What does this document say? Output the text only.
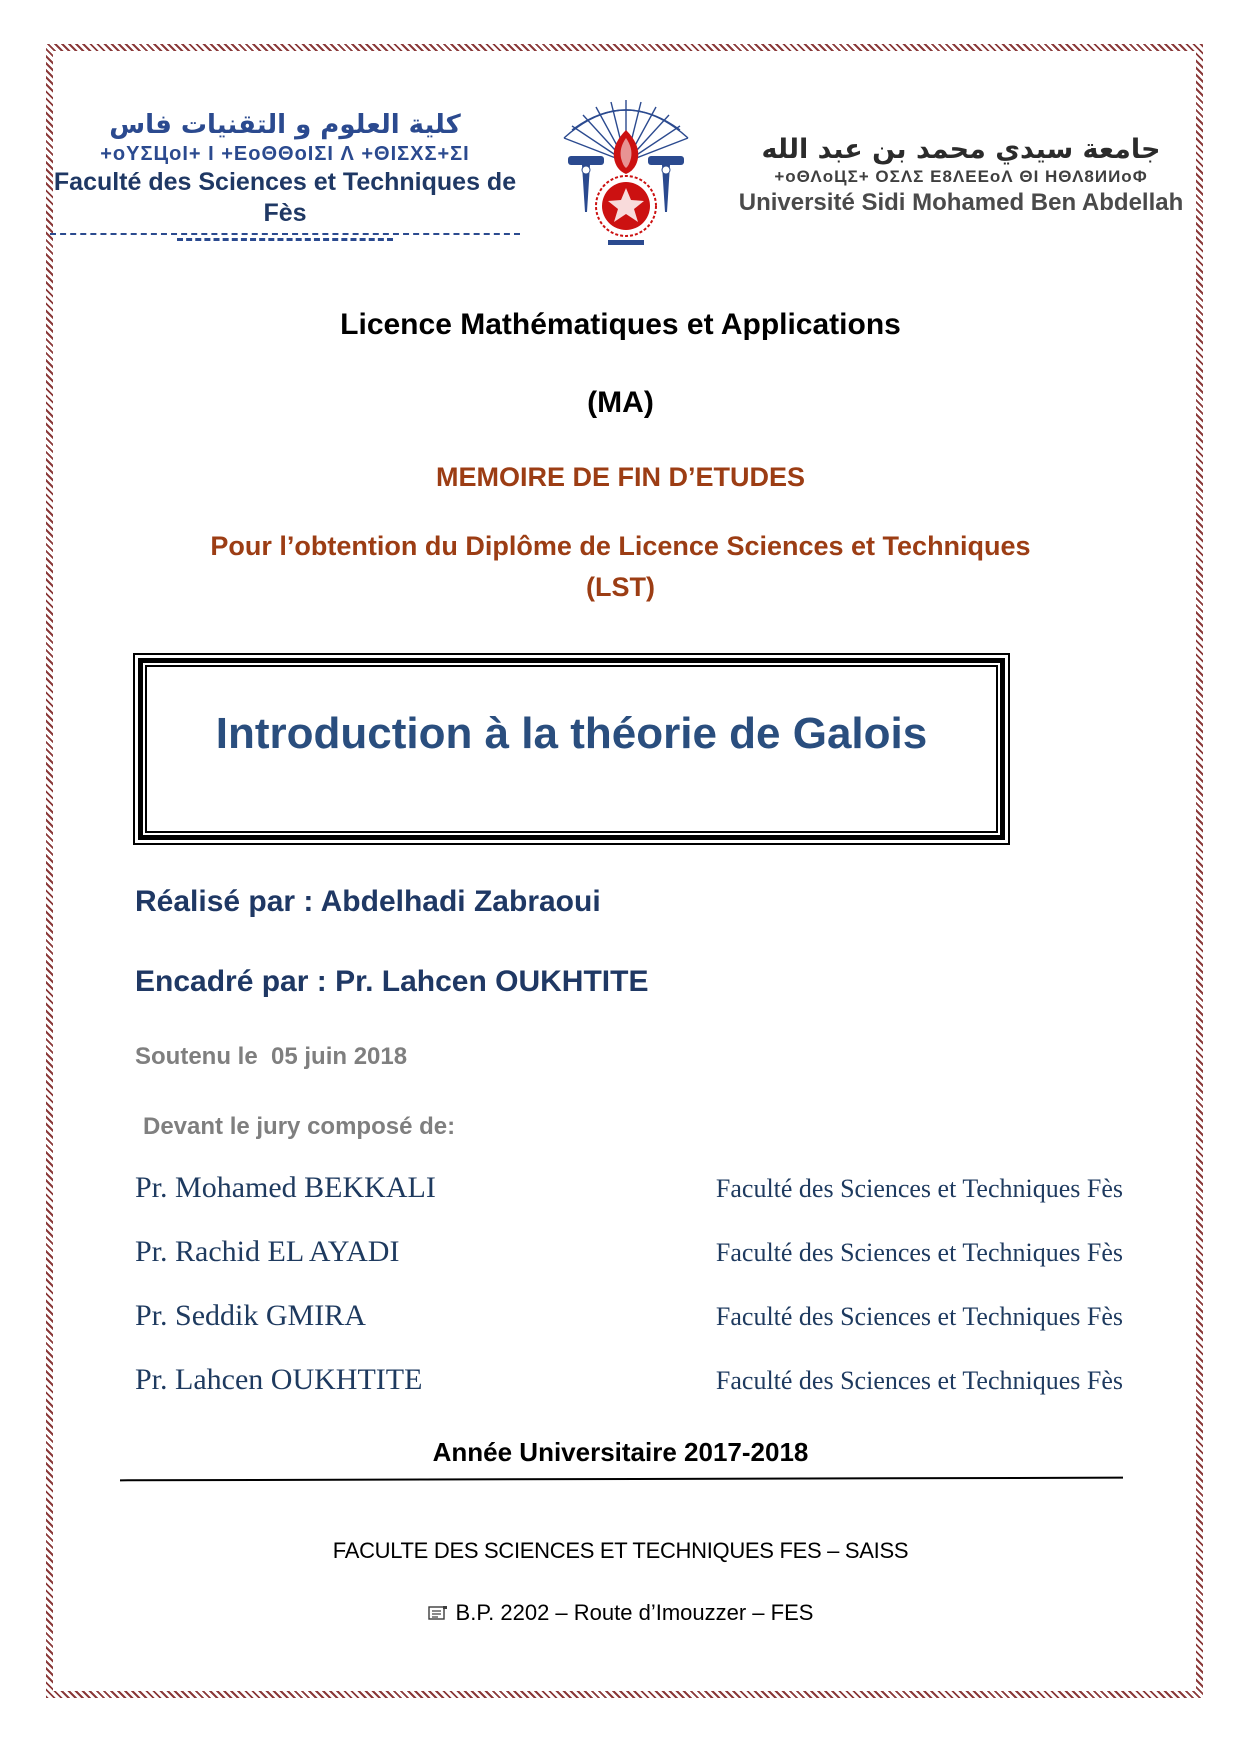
كلية العلوم و التقنيات فاس
+oYΣЦoI+ I +ΕoΘΘoIΣI Λ +ΘIΣΧΣ+ΣI
Faculté des Sciences et Techniques de Fès
جامعة سيدي محمد بن عبد الله
+oΘΛoЦΣ+ ΟΣΛΣ Ε8ΛΕΕoΛ ΘΙ ΗΘΛ8ИИoΦ
Université Sidi Mohamed Ben Abdellah
Licence Mathématiques et Applications
(MA)
MEMOIRE DE FIN D’ETUDES
Pour l’obtention du Diplôme de Licence Sciences et Techniques
(LST)
Introduction à la théorie de Galois
Réalisé par : Abdelhadi Zabraoui
Encadré par : Pr. Lahcen OUKHTITE
Soutenu le  05 juin 2018
Devant le jury composé de:
Pr. Mohamed BEKKALI	Faculté des Sciences et Techniques Fès
Pr. Rachid EL AYADI	Faculté des Sciences et Techniques Fès
Pr. Seddik GMIRA	Faculté des Sciences et Techniques Fès
Pr. Lahcen OUKHTITE	Faculté des Sciences et Techniques Fès
Année Universitaire 2017-2018
FACULTE DES SCIENCES ET TECHNIQUES FES – SAISS
B.P. 2202 – Route d’Imouzzer – FES
